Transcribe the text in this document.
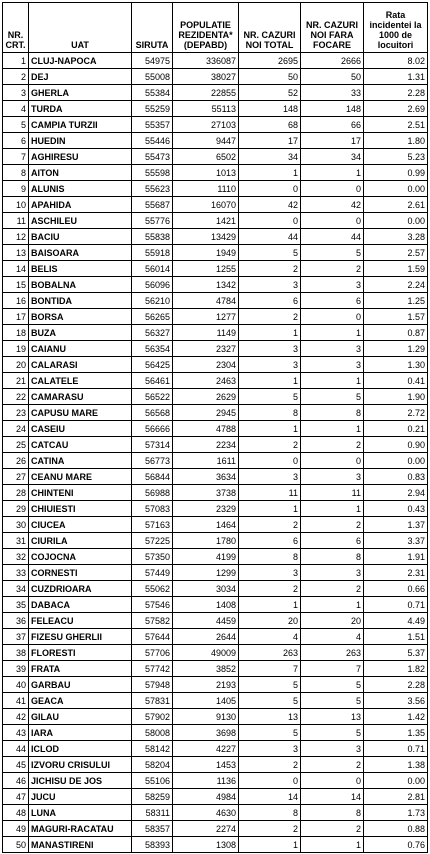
NR. CRT.	UAT	SIRUTA	POPULATIE REZIDENTA* (DEPABD)	NR. CAZURI NOI TOTAL	NR. CAZURI NOI FARA FOCARE	Rata incidentei la 1000 de locuitori
1	CLUJ-NAPOCA	54975	336087	2695	2666	8.02
2	DEJ	55008	38027	50	50	1.31
3	GHERLA	55384	22855	52	33	2.28
4	TURDA	55259	55113	148	148	2.69
5	CAMPIA TURZII	55357	27103	68	66	2.51
6	HUEDIN	55446	9447	17	17	1.80
7	AGHIRESU	55473	6502	34	34	5.23
8	AITON	55598	1013	1	1	0.99
9	ALUNIS	55623	1110	0	0	0.00
10	APAHIDA	55687	16070	42	42	2.61
11	ASCHILEU	55776	1421	0	0	0.00
12	BACIU	55838	13429	44	44	3.28
13	BAISOARA	55918	1949	5	5	2.57
14	BELIS	56014	1255	2	2	1.59
15	BOBALNA	56096	1342	3	3	2.24
16	BONTIDA	56210	4784	6	6	1.25
17	BORSA	56265	1277	2	0	1.57
18	BUZA	56327	1149	1	1	0.87
19	CAIANU	56354	2327	3	3	1.29
20	CALARASI	56425	2304	3	3	1.30
21	CALATELE	56461	2463	1	1	0.41
22	CAMARASU	56522	2629	5	5	1.90
23	CAPUSU MARE	56568	2945	8	8	2.72
24	CASEIU	56666	4788	1	1	0.21
25	CATCAU	57314	2234	2	2	0.90
26	CATINA	56773	1611	0	0	0.00
27	CEANU MARE	56844	3634	3	3	0.83
28	CHINTENI	56988	3738	11	11	2.94
29	CHIUIESTI	57083	2329	1	1	0.43
30	CIUCEA	57163	1464	2	2	1.37
31	CIURILA	57225	1780	6	6	3.37
32	COJOCNA	57350	4199	8	8	1.91
33	CORNESTI	57449	1299	3	3	2.31
34	CUZDRIOARA	55062	3034	2	2	0.66
35	DABACA	57546	1408	1	1	0.71
36	FELEACU	57582	4459	20	20	4.49
37	FIZESU GHERLII	57644	2644	4	4	1.51
38	FLORESTI	57706	49009	263	263	5.37
39	FRATA	57742	3852	7	7	1.82
40	GARBAU	57948	2193	5	5	2.28
41	GEACA	57831	1405	5	5	3.56
42	GILAU	57902	9130	13	13	1.42
43	IARA	58008	3698	5	5	1.35
44	ICLOD	58142	4227	3	3	0.71
45	IZVORU CRISULUI	58204	1453	2	2	1.38
46	JICHISU DE JOS	55106	1136	0	0	0.00
47	JUCU	58259	4984	14	14	2.81
48	LUNA	58311	4630	8	8	1.73
49	MAGURI-RACATAU	58357	2274	2	2	0.88
50	MANASTIRENI	58393	1308	1	1	0.76
